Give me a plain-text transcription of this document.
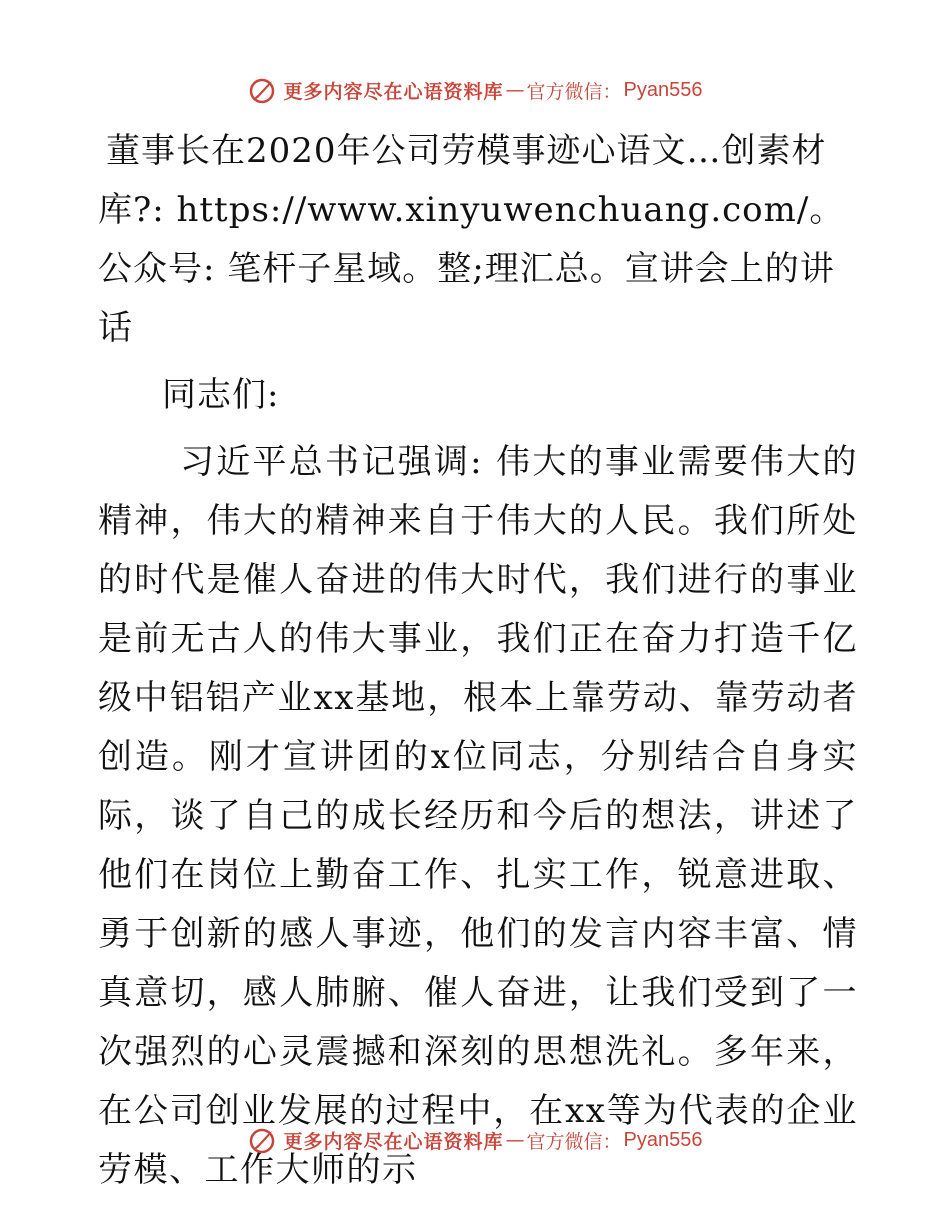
更多内容尽在心语资料库 — 官方微信： Pyan556

董事长在2020年公司劳模事迹心语文…创素材库?: https://www.xinyuwenchuang.com/。公众号: 笔杆子星域。整;理汇总。宣讲会上的讲话

同志们:

习近平总书记强调: 伟大的事业需要伟大的精神，伟大的精神来自于伟大的人民。我们所处的时代是催人奋进的伟大时代，我们进行的事业是前无古人的伟大事业，我们正在奋力打造千亿级中铝铝产业xx基地，根本上靠劳动、靠劳动者创造。刚才宣讲团的x位同志，分别结合自身实际，谈了自己的成长经历和今后的想法，讲述了他们在岗位上勤奋工作、扎实工作，锐意进取、勇于创新的感人事迹，他们的发言内容丰富、情真意切，感人肺腑、催人奋进，让我们受到了一次强烈的心灵震撼和深刻的思想洗礼。多年来，在公司创业发展的过程中，在xx等为代表的企业劳模、工作大师的示

更多内容尽在心语资料库 — 官方微信： Pyan556
